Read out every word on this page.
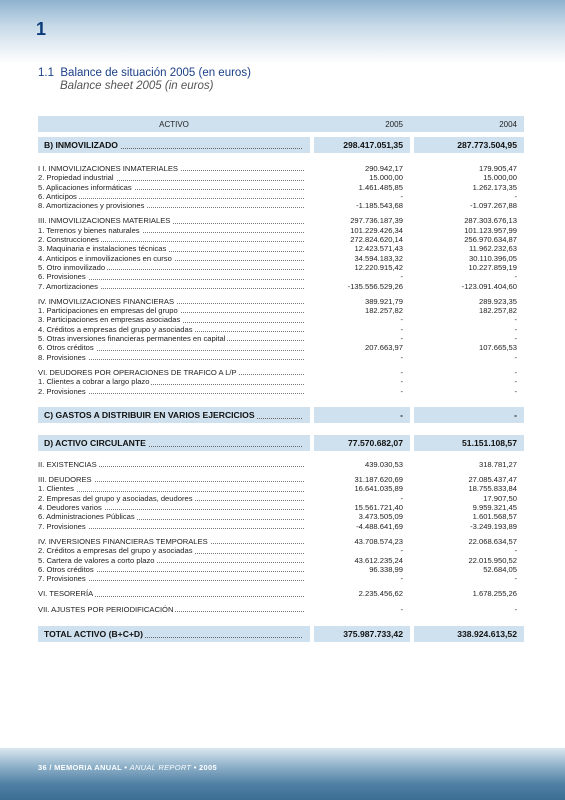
1
1.1 Balance de situación 2005 (en euros)
Balance sheet 2005 (in euros)
ACTIVO	2005	2004
B) INMOVILIZADO	298.417.051,35	287.773.504,95
I I. INMOVILIZACIONES INMATERIALES	290.942,17	179.905,47
2. Propiedad industrial	15.000,00	15.000,00
5. Aplicaciones informáticas	1.461.485,85	1.262.173,35
6. Anticipos	-	-
8. Amortizaciones y provisiones	-1.185.543,68	-1.097.267,88
III. INMOVILIZACIONES MATERIALES	297.736.187,39	287.303.676,13
1. Terrenos y bienes naturales	101.229.426,34	101.123.957,99
2. Construcciones	272.824.620,14	256.970.634,87
3. Maquinaria e instalaciones técnicas	12.423.571,43	11.962.232,63
4. Anticipos e inmovilizaciones en curso	34.594.183,32	30.110.396,05
5. Otro inmovilizado	12.220.915,42	10.227.859,19
6. Provisiones	-	-
7. Amortizaciones	-135.556.529,26	-123.091.404,60
IV. INMOVILIZACIONES FINANCIERAS	389.921,79	289.923,35
1. Participaciones en empresas del grupo	182.257,82	182.257,82
3. Participaciones en empresas asociadas	-	-
4. Créditos a empresas del grupo y asociadas	-	-
5. Otras inversiones financieras permanentes en capital	-	-
6. Otros créditos	207.663,97	107.665,53
8. Provisiones	-	-
VI. DEUDORES POR OPERACIONES DE TRAFICO A L/P	-	-
1. Clientes a cobrar a largo plazo	-	-
2. Provisiones	-	-
C) GASTOS A DISTRIBUIR EN VARIOS EJERCICIOS	-	-
D) ACTIVO CIRCULANTE	77.570.682,07	51.151.108,57
II. EXISTENCIAS	439.030,53	318.781,27
III. DEUDORES	31.187.620,69	27.085.437,47
1. Clientes	16.641.035,89	18.755.833,84
2. Empresas del grupo y asociadas, deudores	-	17.907,50
4. Deudores varios	15.561.721,40	9.959.321,45
6. Administraciones Públicas	3.473.505,09	1.601.568,57
7. Provisiones	-4.488.641,69	-3.249.193,89
IV. INVERSIONES FINANCIERAS TEMPORALES	43.708.574,23	22.068.634,57
2. Créditos a empresas del grupo y asociadas	-	-
5. Cartera de valores a corto plazo	43.612.235,24	22.015.950,52
6. Otros créditos	96.338,99	52.684,05
7. Provisiones	-	-
VI. TESORERÍA	2.235.456,62	1.678.255,26
VII. AJUSTES POR PERIODIFICACIÓN	-	-
TOTAL ACTIVO (B+C+D)	375.987.733,42	338.924.613,52
36 / MEMORIA ANUAL • ANUAL REPORT • 2005
